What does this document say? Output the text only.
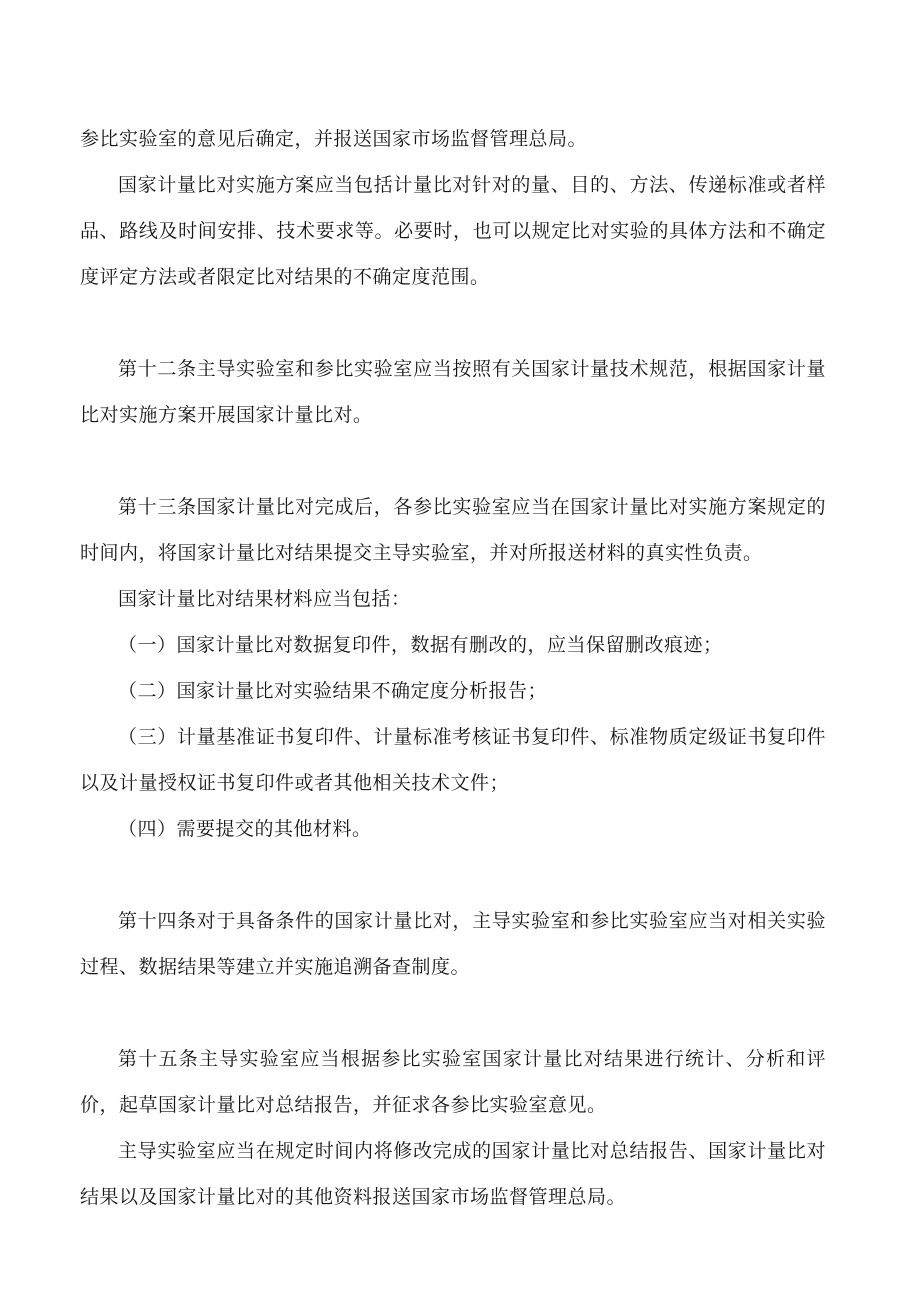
参比实验室的意见后确定，并报送国家市场监督管理总局。

国家计量比对实施方案应当包括计量比对针对的量、目的、方法、传递标准或者样品、路线及时间安排、技术要求等。必要时，也可以规定比对实验的具体方法和不确定度评定方法或者限定比对结果的不确定度范围。

第十二条主导实验室和参比实验室应当按照有关国家计量技术规范，根据国家计量比对实施方案开展国家计量比对。

第十三条国家计量比对完成后，各参比实验室应当在国家计量比对实施方案规定的时间内，将国家计量比对结果提交主导实验室，并对所报送材料的真实性负责。

国家计量比对结果材料应当包括：

（一）国家计量比对数据复印件，数据有删改的，应当保留删改痕迹；

（二）国家计量比对实验结果不确定度分析报告；

（三）计量基准证书复印件、计量标准考核证书复印件、标准物质定级证书复印件以及计量授权证书复印件或者其他相关技术文件；

（四）需要提交的其他材料。

第十四条对于具备条件的国家计量比对，主导实验室和参比实验室应当对相关实验过程、数据结果等建立并实施追溯备查制度。

第十五条主导实验室应当根据参比实验室国家计量比对结果进行统计、分析和评价，起草国家计量比对总结报告，并征求各参比实验室意见。

主导实验室应当在规定时间内将修改完成的国家计量比对总结报告、国家计量比对结果以及国家计量比对的其他资料报送国家市场监督管理总局。
